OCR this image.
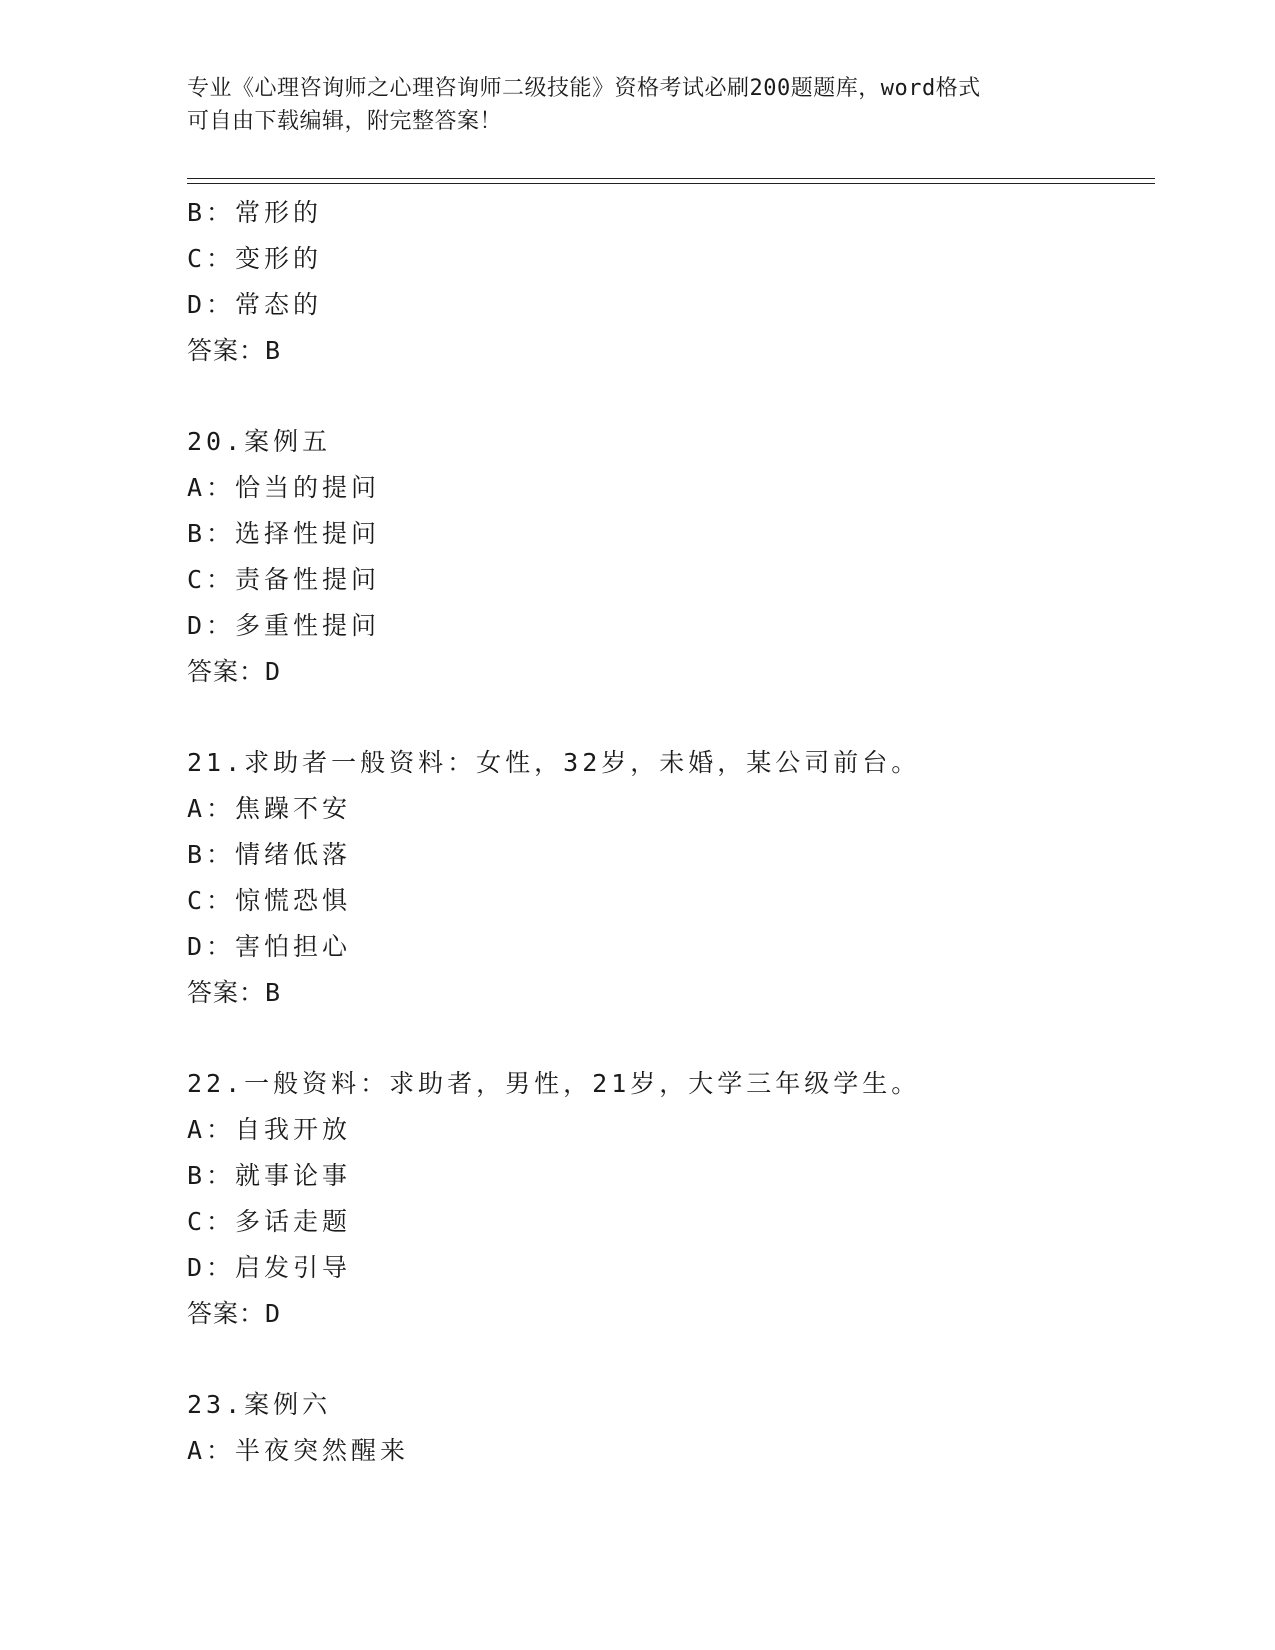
专业《心理咨询师之心理咨询师二级技能》资格考试必刷200题题库，word格式
可自由下载编辑，附完整答案！
B：常形的
C：变形的
D：常态的
答案：B
20.案例五
A：恰当的提问
B：选择性提问
C：责备性提问
D：多重性提问
答案：D
21.求助者一般资料：女性，32岁，未婚，某公司前台。
A：焦躁不安
B：情绪低落
C：惊慌恐惧
D：害怕担心
答案：B
22.一般资料：求助者，男性，21岁，大学三年级学生。
A：自我开放
B：就事论事
C：多话走题
D：启发引导
答案：D
23.案例六
A：半夜突然醒来
